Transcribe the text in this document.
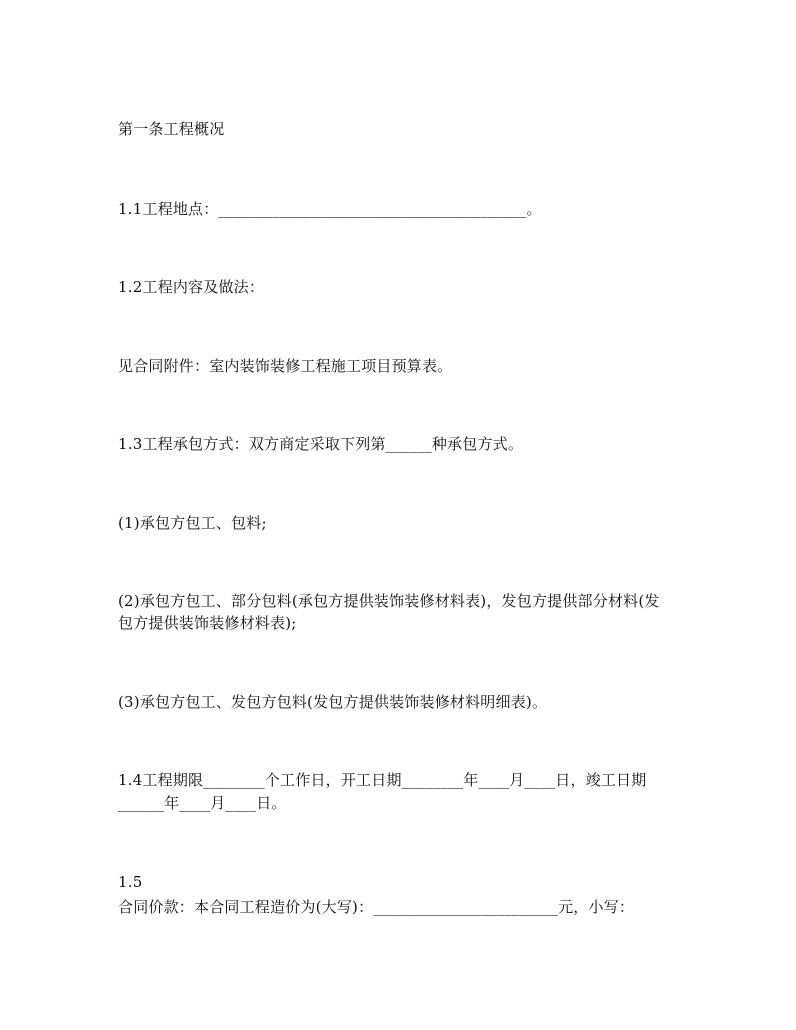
第一条工程概况
1.1工程地点：________________________________________。
1.2工程内容及做法：
见合同附件：室内装饰装修工程施工项目预算表。
1.3工程承包方式：双方商定采取下列第______种承包方式。
(1)承包方包工、包料;
(2)承包方包工、部分包料(承包方提供装饰装修材料表)，发包方提供部分材料(发
包方提供装饰装修材料表);
(3)承包方包工、发包方包料(发包方提供装饰装修材料明细表)。
1.4工程期限________个工作日，开工日期________年____月____日，竣工日期
______年____月____日。
1.5
合同价款：本合同工程造价为(大写)：________________________元，小写：
